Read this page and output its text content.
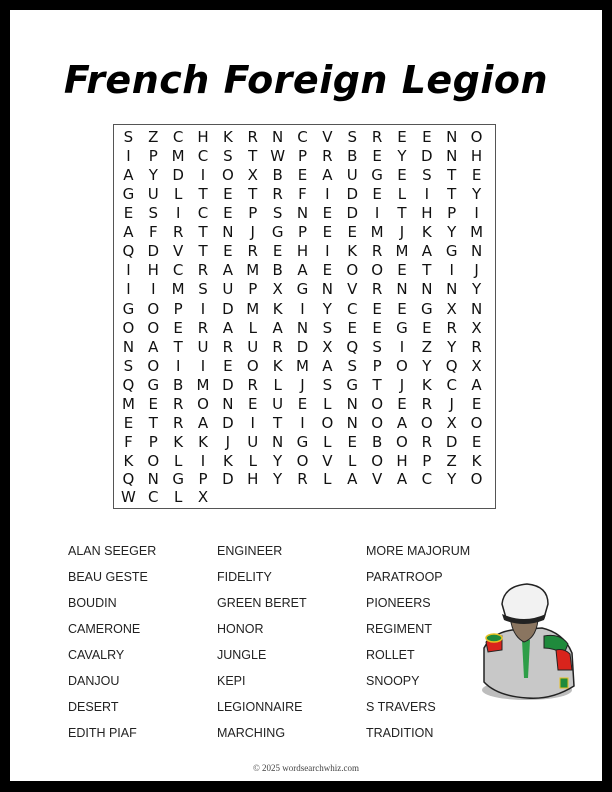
French Foreign Legion
S Z C H K R N C V S R E	E N O
I	P M C S	T W P	R B E	Y D N H
A	Y D	I	O X B E A U G E	S	T	E
G U	L	T	E	T	R	F	I	D E	L	I	T	Y
E	S	I	C E	P	S N E D	I	T H P	I
A	F	R	T N	J	G P	E	E M	J	K	Y M
Q D V	T	E R E H	I	K R M A G N
I	H C R A M B A E O O E	T	I	J
I	I	M S U P	X G N V R N N N Y
G O P	I	D M K	I	Y	C E	E G X N
O O E R A	L	A N S	E	E G E R X
N A	T U R U R D X Q S	I	Z	Y	R
S O	I	I	E O K M A S	P O Y Q X
Q G B M D R	L	J	S G T	J	K C A
M E R O N E U E	L	N O E R	J	E
E	T	R A D	I	T	I	O N O A O X O
F	P	K	K	J	U N G L	E B O R D E
K O L	I	K	L	Y O V	L O H P	Z K
Q N G P D H Y	R	L	A V A C	Y O
W C	L	X
ALAN SEEGER
BEAU GESTE
BOUDIN
CAMERONE
CAVALRY
DANJOU
DESERT
EDITH PIAF
ENGINEER
FIDELITY
GREEN BERET
HONOR
JUNGLE
KEPI
LEGIONNAIRE
MARCHING
MORE MAJORUM
PARATROOP
PIONEERS
REGIMENT
ROLLET
SNOOPY
S TRAVERS
TRADITION
© 2025 wordsearchwhiz.com
